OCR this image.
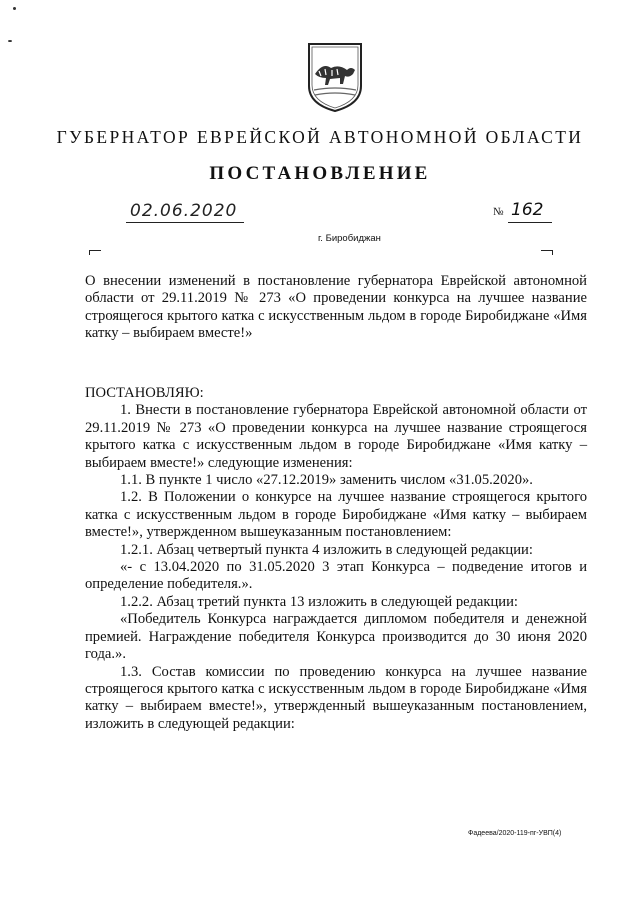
ГУБЕРНАТОР ЕВРЕЙСКОЙ АВТОНОМНОЙ ОБЛАСТИ
ПОСТАНОВЛЕНИЕ
02.06.2020	№ 162
г. Биробиджан
О внесении изменений в постановление губернатора Еврейской автономной области от 29.11.2019 № 273 «О проведении конкурса на лучшее название строящегося крытого катка с искусственным льдом в городе Биробиджане «Имя катку – выбираем вместе!»

ПОСТАНОВЛЯЮ:

1. Внести в постановление губернатора Еврейской автономной области от 29.11.2019 № 273 «О проведении конкурса на лучшее название строящегося крытого катка с искусственным льдом в городе Биробиджане «Имя катку – выбираем вместе!» следующие изменения:

1.1. В пункте 1 число «27.12.2019» заменить числом «31.05.2020».

1.2. В Положении о конкурсе на лучшее название строящегося крытого катка с искусственным льдом в городе Биробиджане «Имя катку – выбираем вместе!», утвержденном вышеуказанным постановлением:

1.2.1. Абзац четвертый пункта 4 изложить в следующей редакции:

«- с 13.04.2020 по 31.05.2020 3 этап Конкурса – подведение итогов и определение победителя.».

1.2.2. Абзац третий пункта 13 изложить в следующей редакции:

«Победитель Конкурса награждается дипломом победителя и денежной премией. Награждение победителя Конкурса производится до 30 июня 2020 года.».

1.3. Состав комиссии по проведению конкурса на лучшее название строящегося крытого катка с искусственным льдом в городе Биробиджане «Имя катку – выбираем вместе!», утвержденный вышеуказанным постановлением, изложить в следующей редакции:

Фадеева/2020-119-пг-УВП(4)
